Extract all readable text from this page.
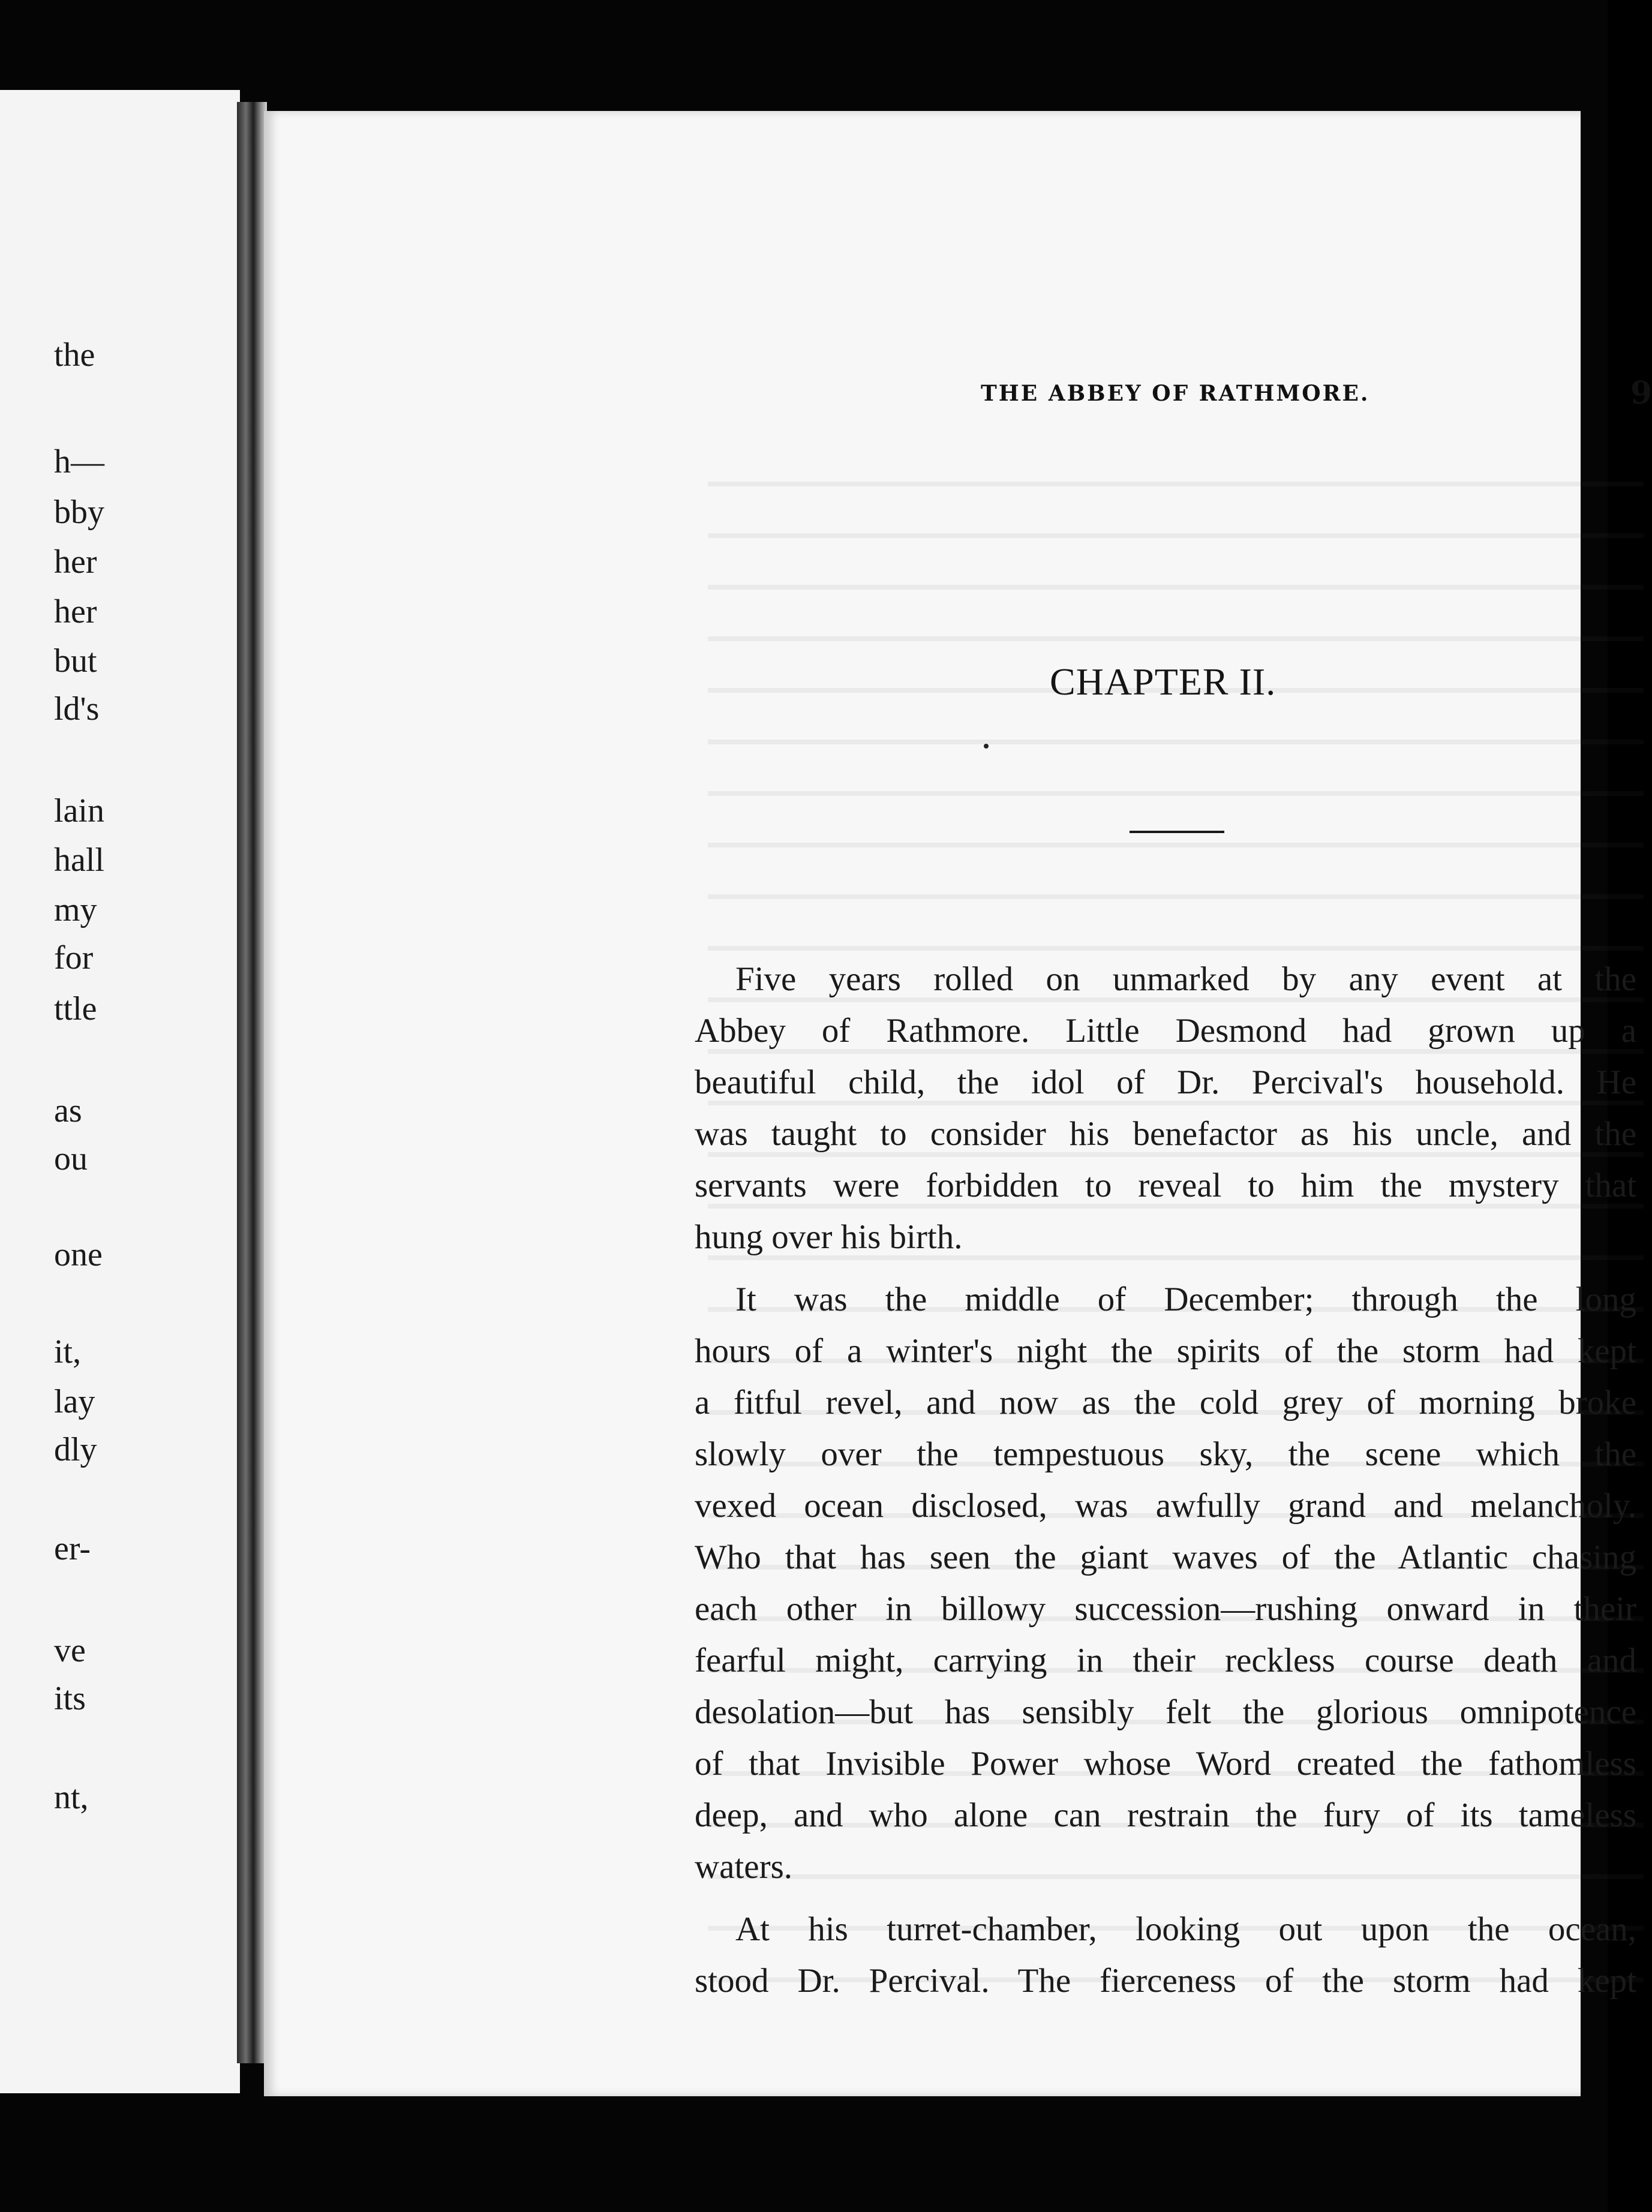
the
h—
bby
her
her
but
ld's
lain
hall
my
for
ttle
as
ou
one
it,
lay
dly
er-
ve
its
nt,
THE ABBEY OF RATHMORE.	9
CHAPTER II.
Five years rolled on unmarked by any event at the
Abbey of Rathmore. Little Desmond had grown up a
beautiful child, the idol of Dr. Percival's household. He
was taught to consider his benefactor as his uncle, and the
servants were forbidden to reveal to him the mystery that
hung over his birth.
It was the middle of December; through the long
hours of a winter's night the spirits of the storm had kept
a fitful revel, and now as the cold grey of morning broke
slowly over the tempestuous sky, the scene which the
vexed ocean disclosed, was awfully grand and melancholy.
Who that has seen the giant waves of the Atlantic chasing
each other in billowy succession—rushing onward in their
fearful might, carrying in their reckless course death and
desolation—but has sensibly felt the glorious omnipotence
of that Invisible Power whose Word created the fathomless
deep, and who alone can restrain the fury of its tameless
waters.
At his turret-chamber, looking out upon the ocean,
stood Dr. Percival. The fierceness of the storm had kept
